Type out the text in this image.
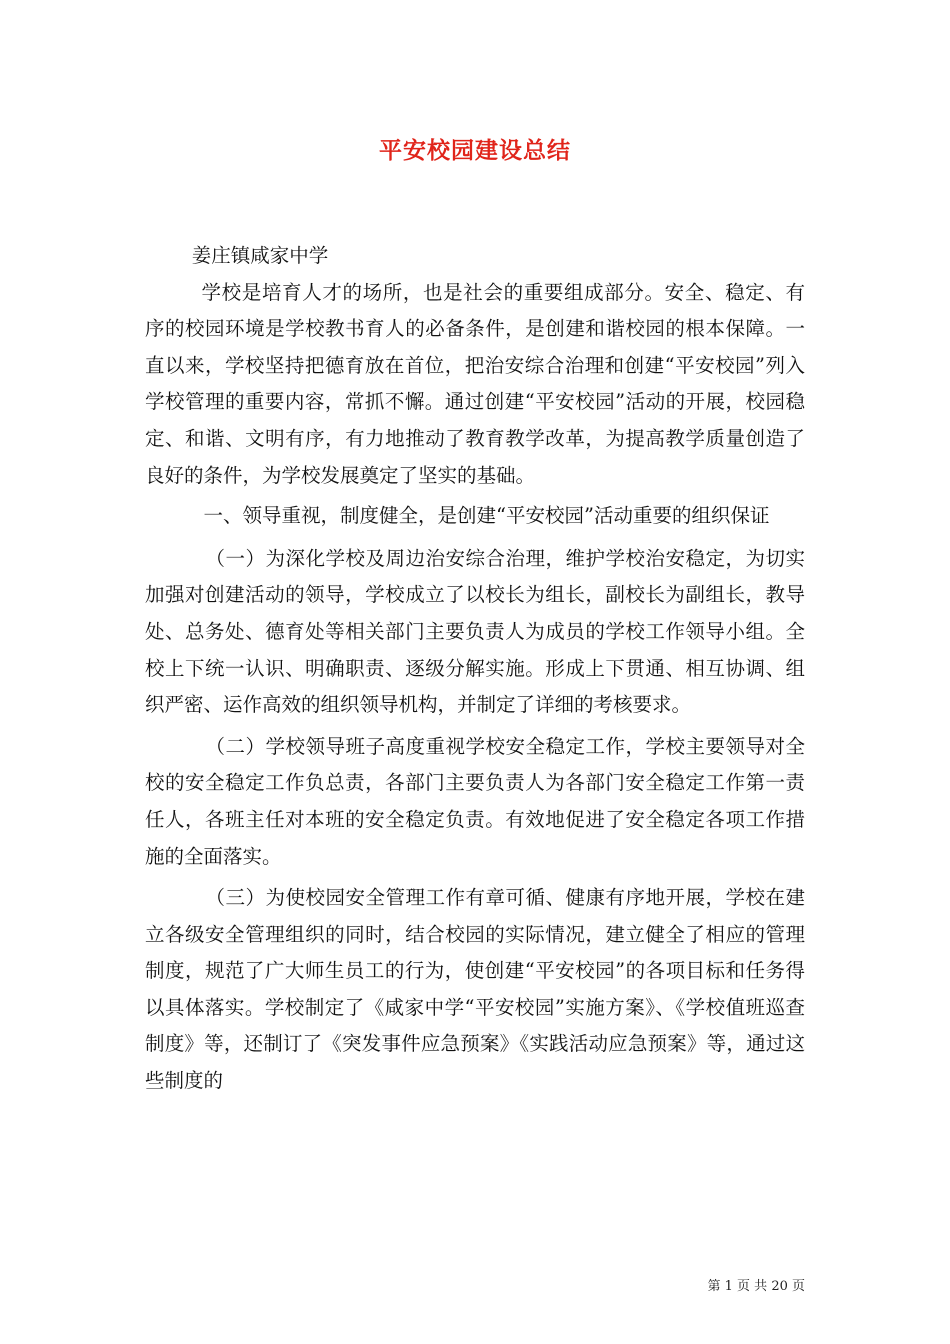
平安校园建设总结

姜庄镇咸家中学

学校是培育人才的场所，也是社会的重要组成部分。安全、稳定、有序的校园环境是学校教书育人的必备条件，是创建和谐校园的根本保障。一直以来，学校坚持把德育放在首位，把治安综合治理和创建“平安校园”列入学校管理的重要内容，常抓不懈。通过创建“平安校园”活动的开展，校园稳定、和谐、文明有序，有力地推动了教育教学改革，为提高教学质量创造了良好的条件，为学校发展奠定了坚实的基础。

一、领导重视，制度健全，是创建“平安校园”活动重要的组织保证

（一）为深化学校及周边治安综合治理，维护学校治安稳定，为切实加强对创建活动的领导，学校成立了以校长为组长，副校长为副组长，教导处、总务处、德育处等相关部门主要负责人为成员的学校工作领导小组。全校上下统一认识、明确职责、逐级分解实施。形成上下贯通、相互协调、组织严密、运作高效的组织领导机构，并制定了详细的考核要求。

（二）学校领导班子高度重视学校安全稳定工作，学校主要领导对全校的安全稳定工作负总责，各部门主要负责人为各部门安全稳定工作第一责任人，各班主任对本班的安全稳定负责。有效地促进了安全稳定各项工作措施的全面落实。

（三）为使校园安全管理工作有章可循、健康有序地开展，学校在建立各级安全管理组织的同时，结合校园的实际情况，建立健全了相应的管理制度，规范了广大师生员工的行为，使创建“平安校园”的各项目标和任务得以具体落实。学校制定了《咸家中学“平安校园”实施方案》、《学校值班巡查制度》等，还制订了《突发事件应急预案》《实践活动应急预案》等，通过这些制度的

第 1 页 共 20 页
